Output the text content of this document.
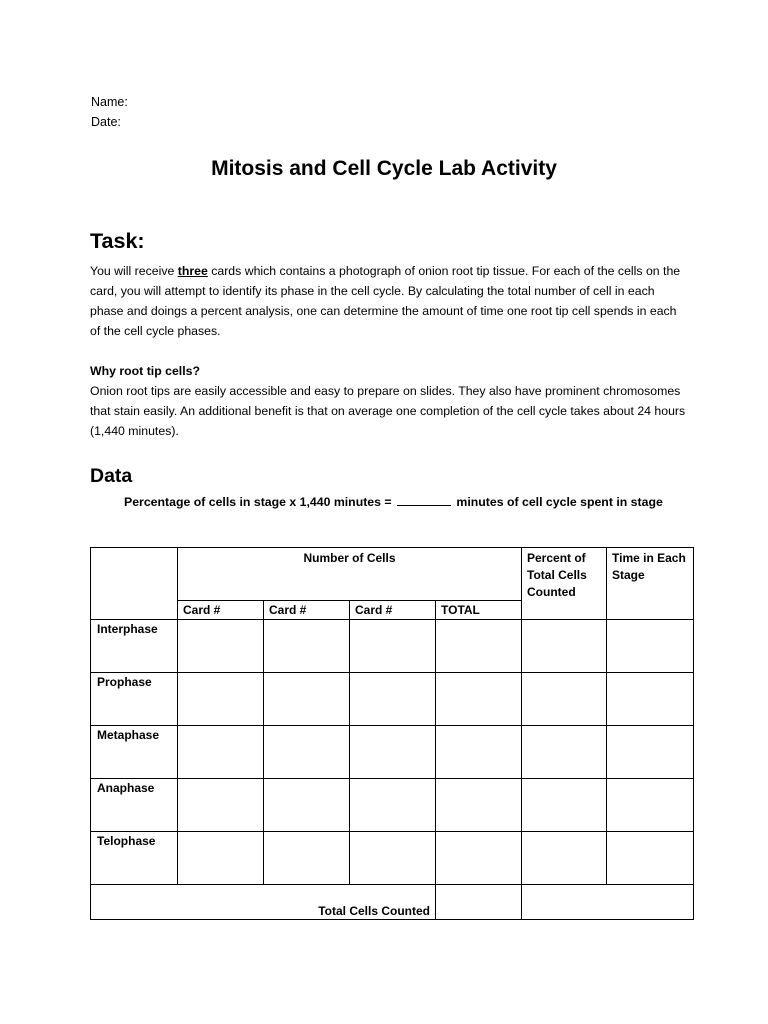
Name:
Date:
Mitosis and Cell Cycle Lab Activity
Task:

You will receive three cards which contains a photograph of onion root tip tissue. For each of the cells on the card, you will attempt to identify its phase in the cell cycle. By calculating the total number of cell in each phase and doings a percent analysis, one can determine the amount of time one root tip cell spends in each of the cell cycle phases.

Why root tip cells?

Onion root tips are easily accessible and easy to prepare on slides. They also have prominent chromosomes that stain easily. An additional benefit is that on average one completion of the cell cycle takes about 24 hours (1,440 minutes).

Data
Percentage of cells in stage x 1,440 minutes =	minutes of cell cycle spent in stage
	Number of Cells				Percent of Total Cells Counted	Time in Each Stage
	Card #	Card #	Card #	TOTAL		
Interphase						
Prophase						
Metaphase						
Anaphase						
Telophase						
Total Cells Counted						
